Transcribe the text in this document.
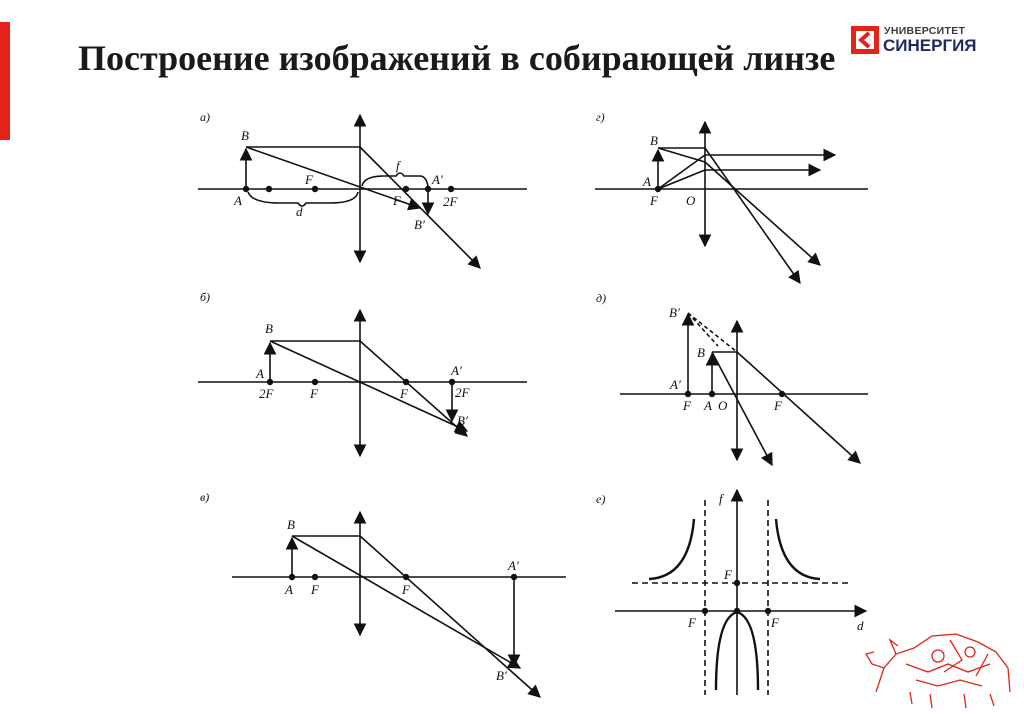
Построение изображений в собирающей линзе
УНИВЕРСИТЕТ
СИНЕРГИЯ
а)
B
A
F
d
f
A′
F	2F
B′
г)
B
A
F O
б)
B
A
2F	F	F
A′
2F
B′
д)
B′
B
A′
F A O	F
в)
B
A F	F
A′
B′
е)	f
F
F	F	d
